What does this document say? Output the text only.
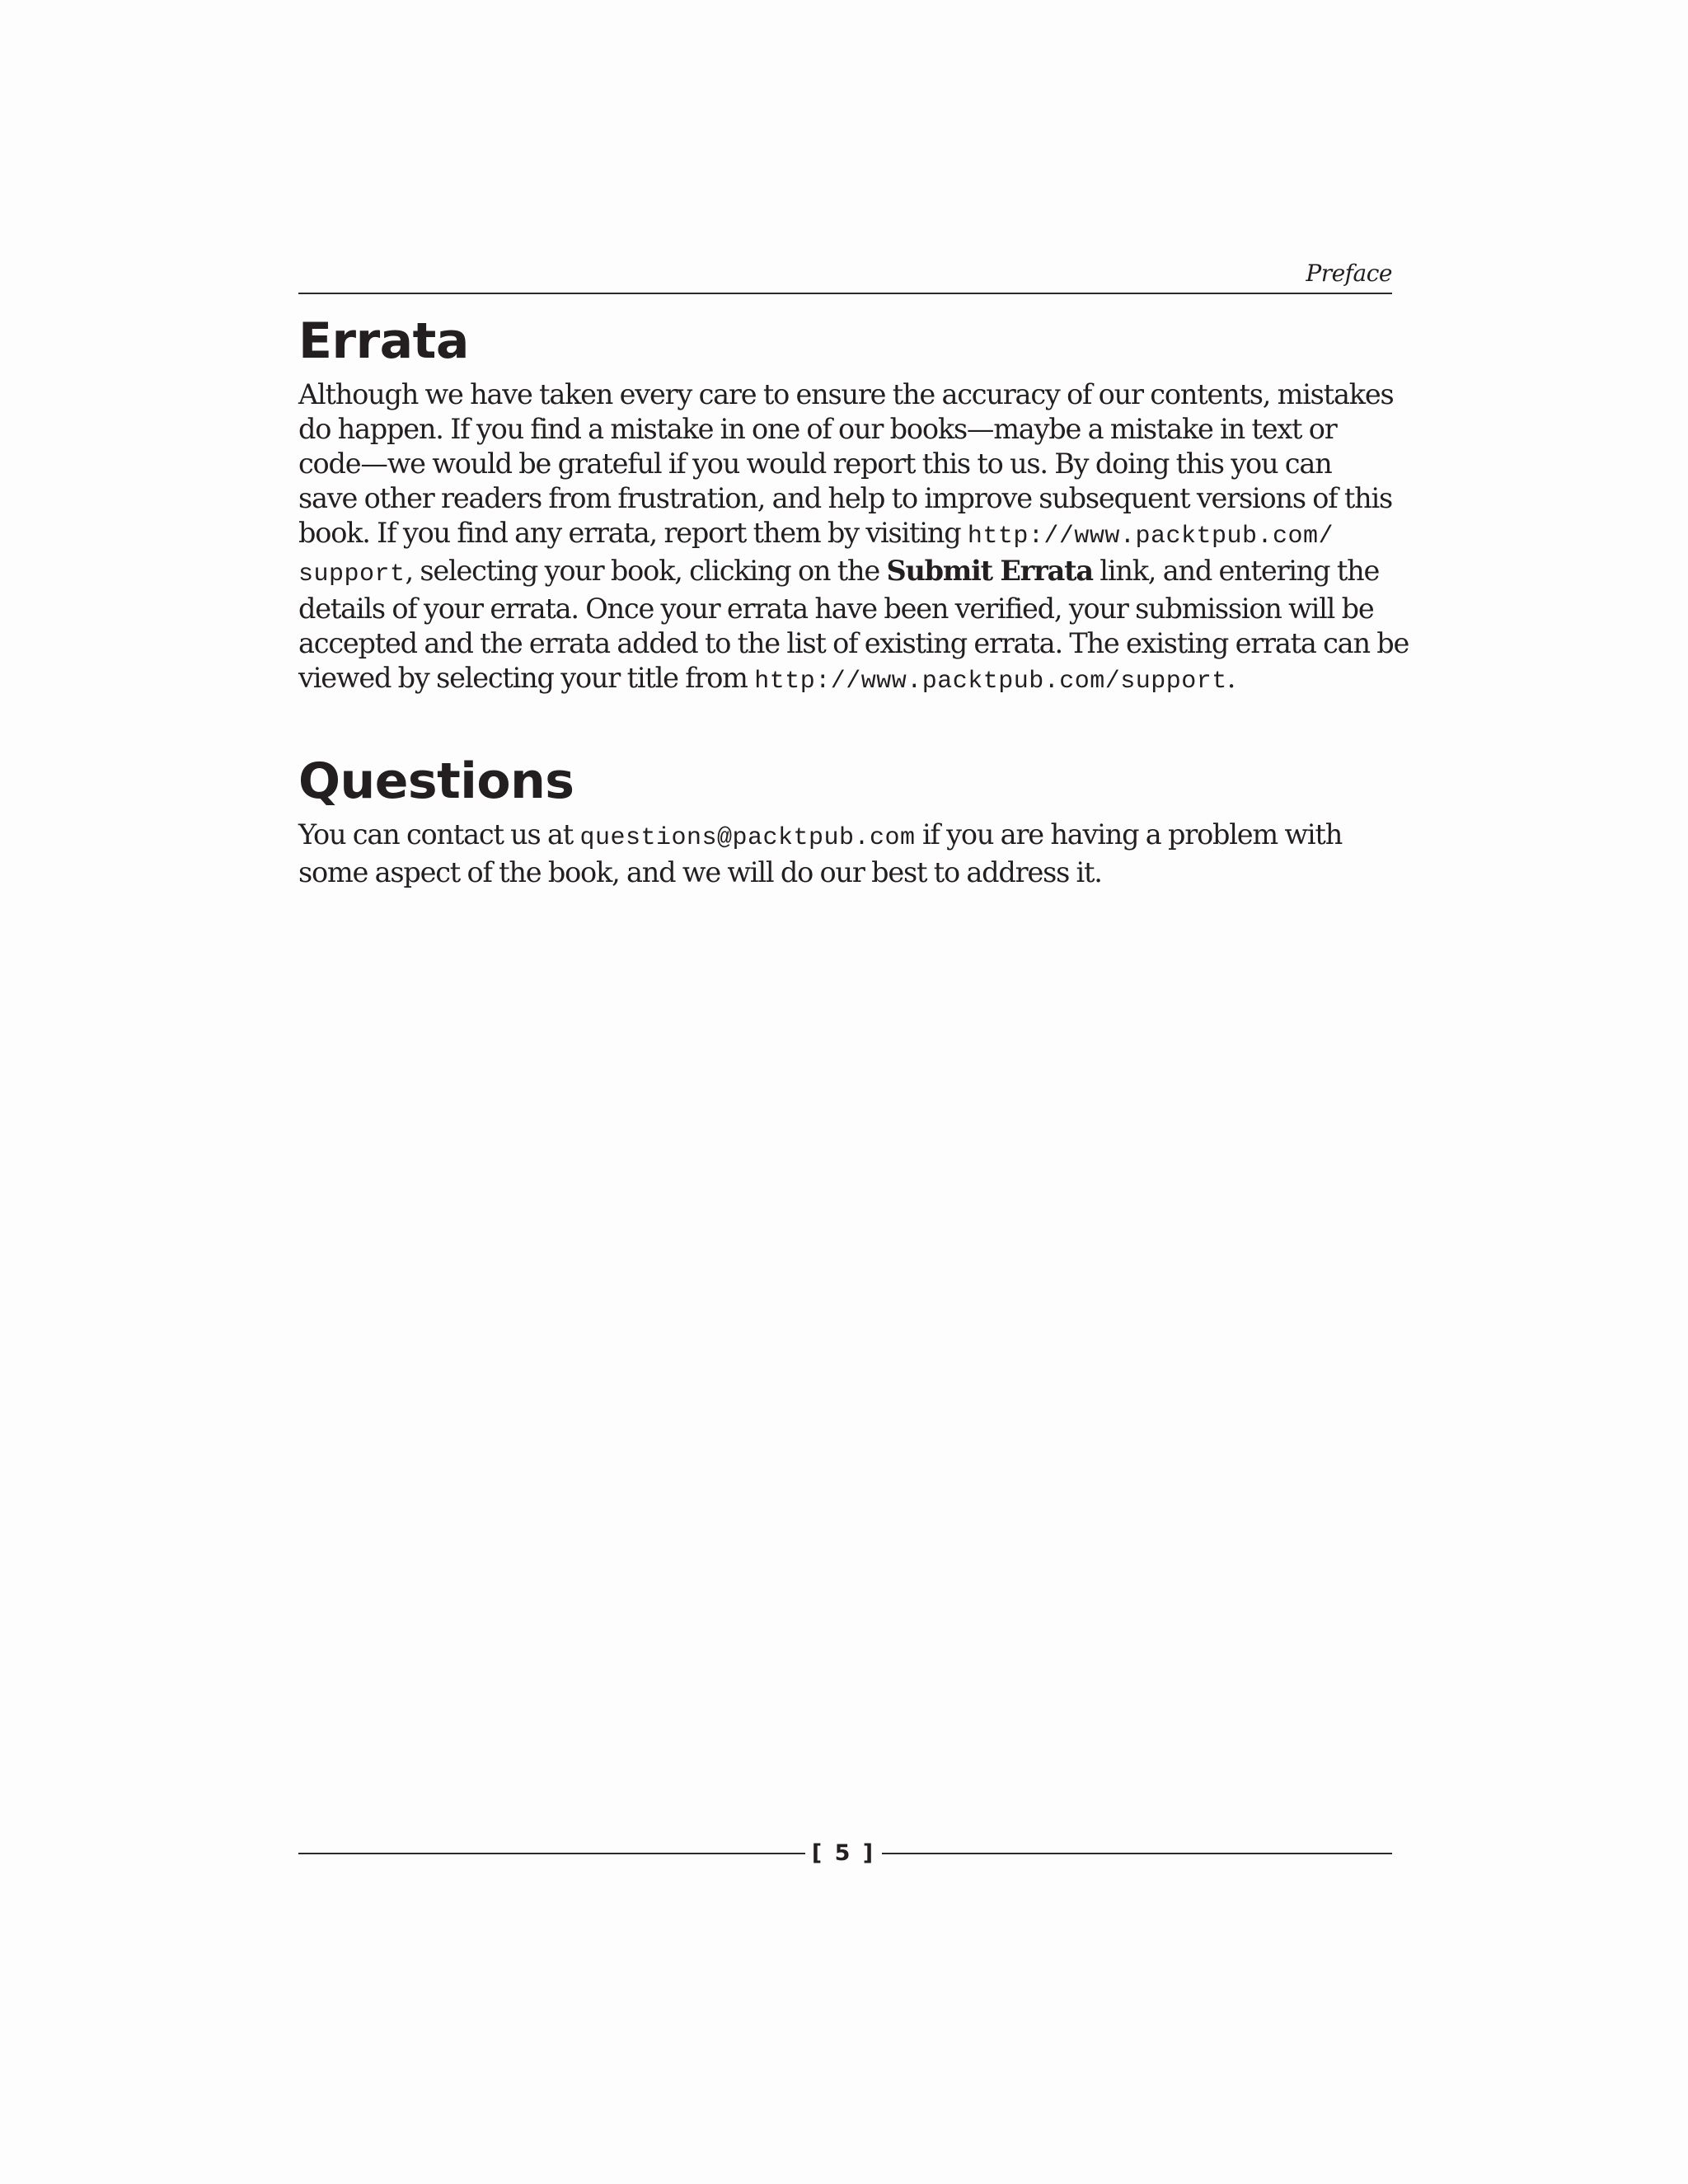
Preface
Errata

Although we have taken every care to ensure the accuracy of our contents, mistakes
do happen. If you find a mistake in one of our books—maybe a mistake in text or
code—we would be grateful if you would report this to us. By doing this you can
save other readers from frustration, and help to improve subsequent versions of this
book. If you find any errata, report them by visiting http://www.packtpub.com/
support, selecting your book, clicking on the Submit Errata link, and entering the
details of your errata. Once your errata have been verified, your submission will be
accepted and the errata added to the list of existing errata. The existing errata can be
viewed by selecting your title from http://www.packtpub.com/support.

Questions

You can contact us at questions@packtpub.com if you are having a problem with
some aspect of the book, and we will do our best to address it.

[ 5 ]
